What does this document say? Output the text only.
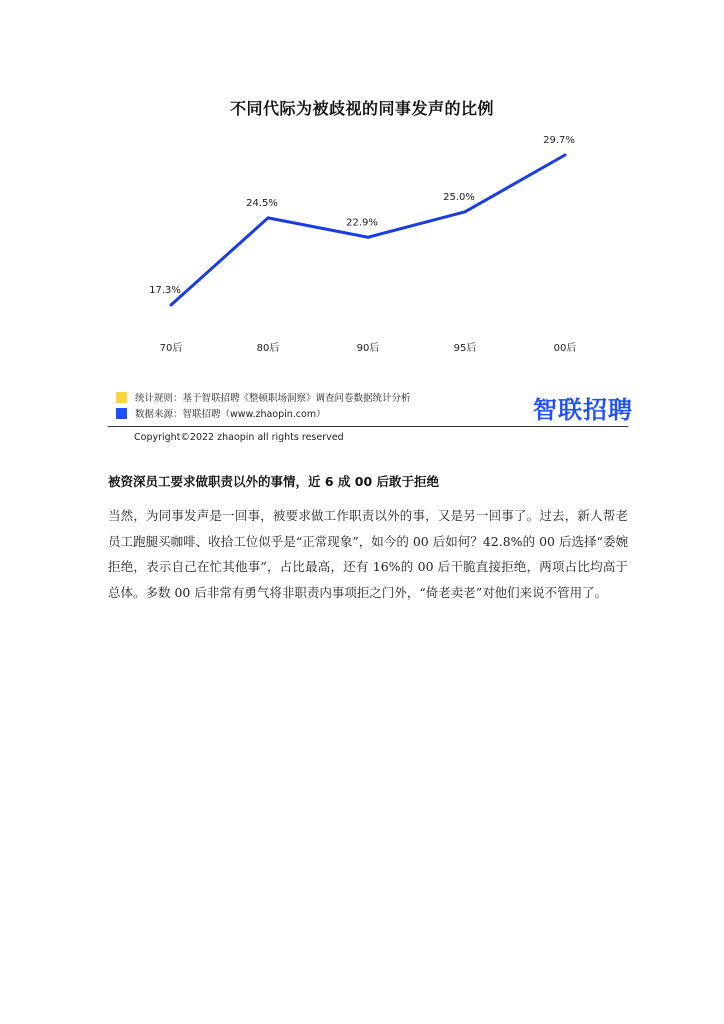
不同代际为被歧视的同事发声的比例
17.3%
70后
24.5%
80后
22.9%
90后
25.0%
95后
29.7%
00后
统计规则：基于智联招聘《整顿职场洞察》调查问卷数据统计分析
数据来源：智联招聘（www.zhaopin.com）	智联招聘
Copyright©2022 zhaopin all rights reserved
被资深员工要求做职责以外的事情，近 6 成 00 后敢于拒绝
当然，为同事发声是一回事，被要求做工作职责以外的事，又是另一回事了。过去，新人帮老员工跑腿买咖啡、收拾工位似乎是“正常现象”，如今的 00 后如何？42.8%的 00 后选择“委婉拒绝，表示自己在忙其他事”，占比最高，还有 16%的 00 后干脆直接拒绝，两项占比均高于总体。多数 00 后非常有勇气将非职责内事项拒之门外，“倚老卖老”对他们来说不管用了。
